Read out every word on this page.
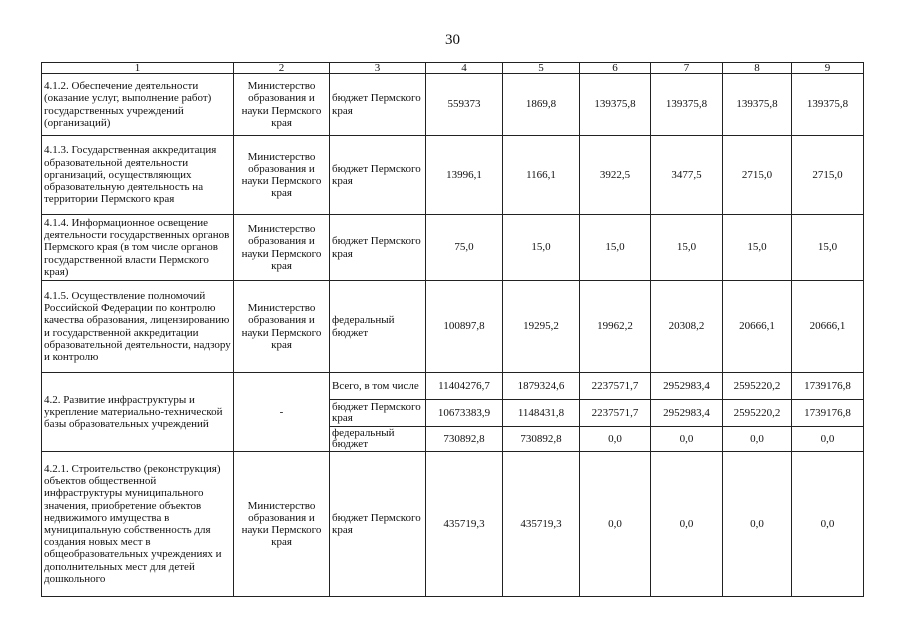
30
1	2	3	4	5	6	7	8	9
4.1.2. Обеспечение деятельности (оказание услуг, выполнение работ) государственных учреждений (организаций)	Министерство образования и науки Пермского края	бюджет Пермского края	559373	1869,8	139375,8	139375,8	139375,8	139375,8
4.1.3. Государственная аккредитация образовательной деятельности организаций, осуществляющих образовательную деятельность на территории Пермского края	Министерство образования и науки Пермского края	бюджет Пермского края	13996,1	1166,1	3922,5	3477,5	2715,0	2715,0
4.1.4. Информационное освещение деятельности государственных органов Пермского края (в том числе органов государственной власти Пермского края)	Министерство образования и науки Пермского края	бюджет Пермского края	75,0	15,0	15,0	15,0	15,0	15,0
4.1.5. Осуществление полномочий Российской Федерации по контролю качества образования, лицензированию и государственной аккредитации образовательной деятельности, надзору и контролю	Министерство образования и науки Пермского края	федеральный бюджет	100897,8	19295,2	19962,2	20308,2	20666,1	20666,1
4.2. Развитие инфраструктуры и укрепление материально-технической базы образовательных учреждений	-	Всего, в том числе	11404276,7	1879324,6	2237571,7	2952983,4	2595220,2	1739176,8
		бюджет Пермского края	10673383,9	1148431,8	2237571,7	2952983,4	2595220,2	1739176,8
		федеральный бюджет	730892,8	730892,8	0,0	0,0	0,0	0,0
4.2.1. Строительство (реконструкция) объектов общественной инфраструктуры муниципального значения, приобретение объектов недвижимого имущества в муниципальную собственность для создания новых мест в общеобразовательных учреждениях и дополнительных мест для детей дошкольного	Министерство образования и науки Пермского края	бюджет Пермского края	435719,3	435719,3	0,0	0,0	0,0	0,0
